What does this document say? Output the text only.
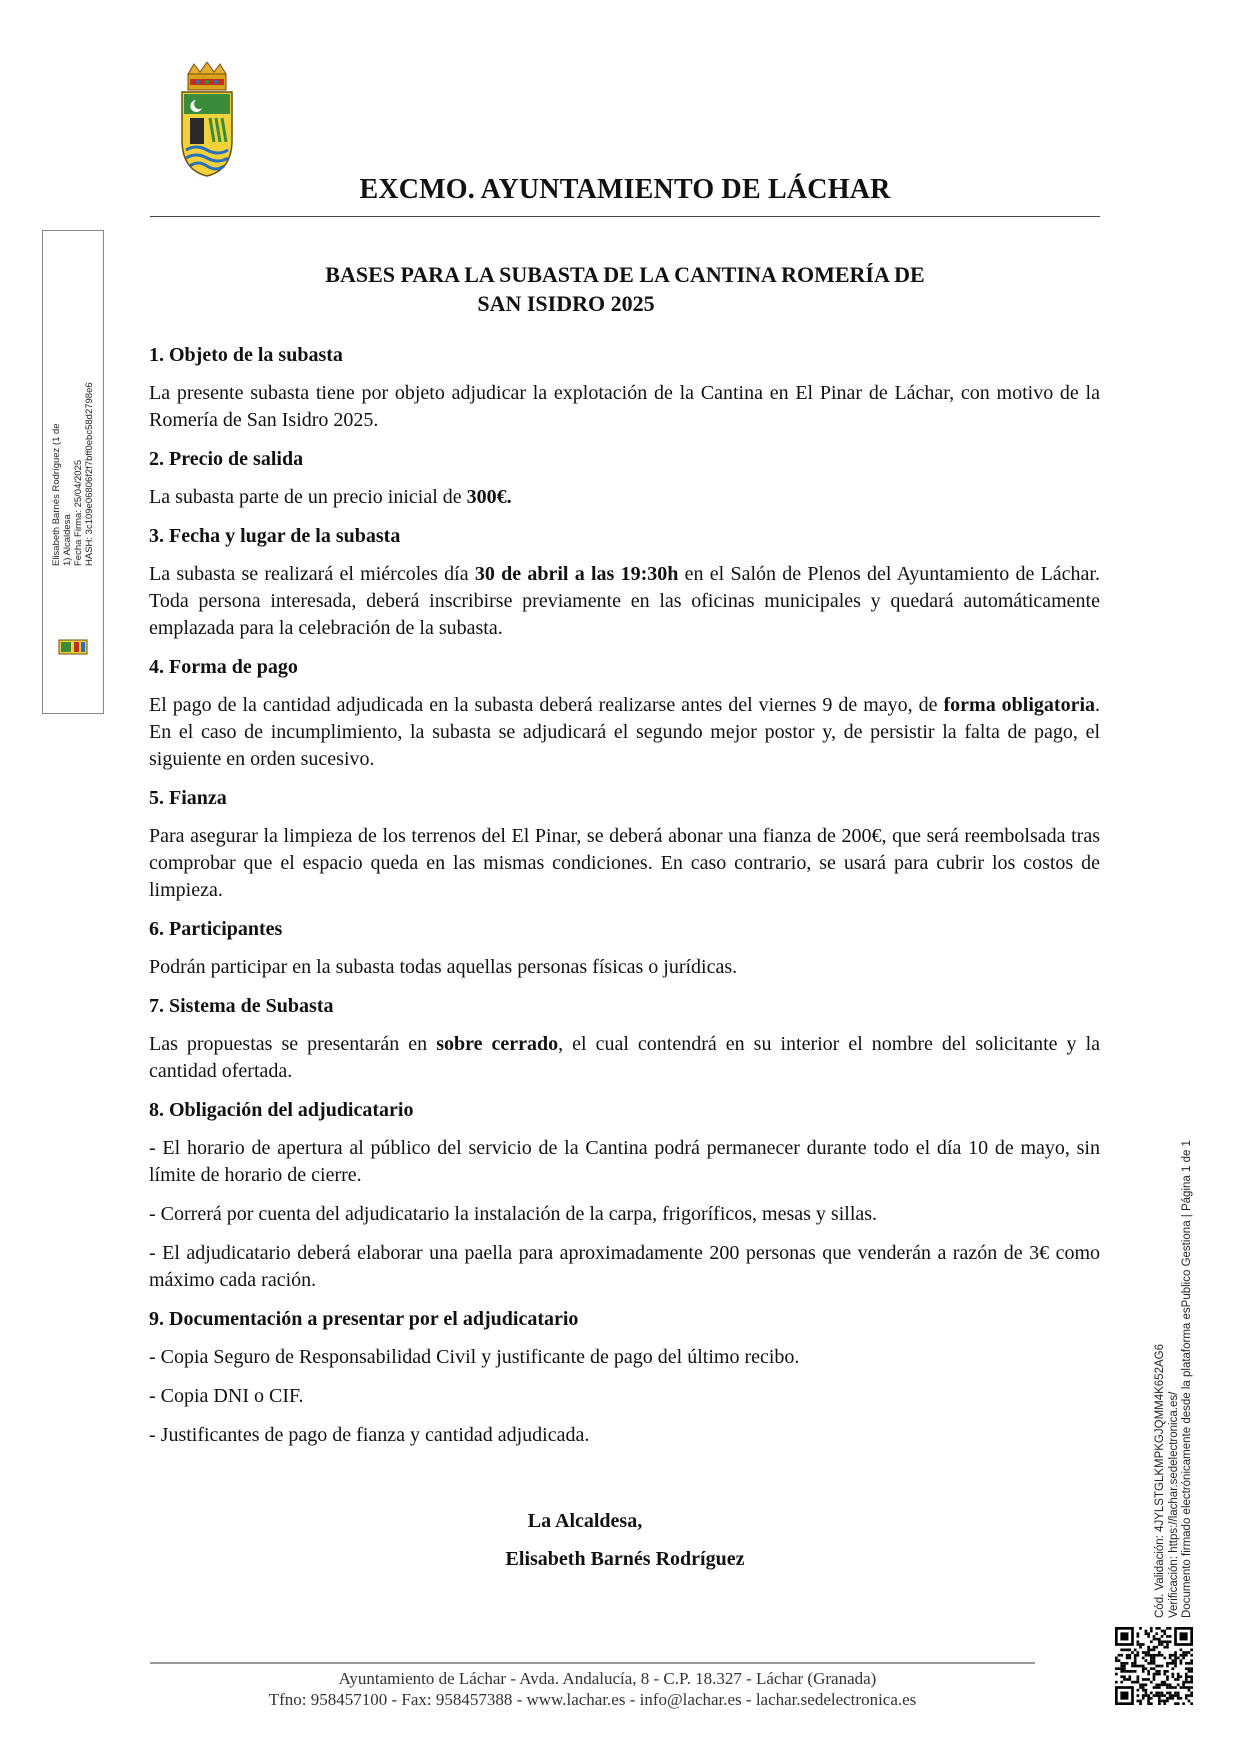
EXCMO. AYUNTAMIENTO DE LÁCHAR
BASES PARA LA SUBASTA DE LA CANTINA ROMERÍA DE

SAN ISIDRO 2025
1. Objeto de la subasta
La presente subasta tiene por objeto adjudicar la explotación de la Cantina en El Pinar de Láchar, con motivo de la Romería de San Isidro 2025.
2. Precio de salida
La subasta parte de un precio inicial de 300€.
3. Fecha y lugar de la subasta
La subasta se realizará el miércoles día 30 de abril a las 19:30h en el Salón de Plenos del Ayuntamiento de Láchar. Toda persona interesada, deberá inscribirse previamente en las oficinas municipales y quedará automáticamente emplazada para la celebración de la subasta.
4. Forma de pago
El pago de la cantidad adjudicada en la subasta deberá realizarse antes del viernes 9 de mayo, de forma obligatoria. En el caso de incumplimiento, la subasta se adjudicará el segundo mejor postor y, de persistir la falta de pago, el siguiente en orden sucesivo.
5. Fianza
Para asegurar la limpieza de los terrenos del El Pinar, se deberá abonar una fianza de 200€, que será reembolsada tras comprobar que el espacio queda en las mismas condiciones. En caso contrario, se usará para cubrir los costos de limpieza.
6. Participantes
Podrán participar en la subasta todas aquellas personas físicas o jurídicas.
7. Sistema de Subasta
Las propuestas se presentarán en sobre cerrado, el cual contendrá en su interior el nombre del solicitante y la cantidad ofertada.
8. Obligación del adjudicatario
- El horario de apertura al público del servicio de la Cantina podrá permanecer durante todo el día 10 de mayo, sin límite de horario de cierre.
- Correrá por cuenta del adjudicatario la instalación de la carpa, frigoríficos, mesas y sillas.
- El adjudicatario deberá elaborar una paella para aproximadamente 200 personas que venderán a razón de 3€ como máximo cada ración.
9. Documentación a presentar por el adjudicatario
- Copia Seguro de Responsabilidad Civil y justificante de pago del último recibo.
- Copia DNI o CIF.
- Justificantes de pago de fianza y cantidad adjudicada.
La Alcaldesa,
Elisabeth Barnés Rodríguez
Ayuntamiento de Láchar - Avda. Andalucía, 8 - C.P. 18.327 - Láchar (Granada)
Tfno: 958457100 - Fax: 958457388 - www.lachar.es - info@lachar.es - lachar.sedelectronica.es
Elisabeth Barnés Rodríguez (1 de 1) Alcaldesa Fecha Firma: 25/04/2025 HASH: 3c109e06806f2f7bff0ebc58d2798e6
Cód. Validación: 4JYLSTGLKMPKGJQMM4K652AG6 Verificación: https://lachar.sedelectronica.es/ Documento firmado electrónicamente desde la plataforma esPublico Gestiona | Página 1 de 1
